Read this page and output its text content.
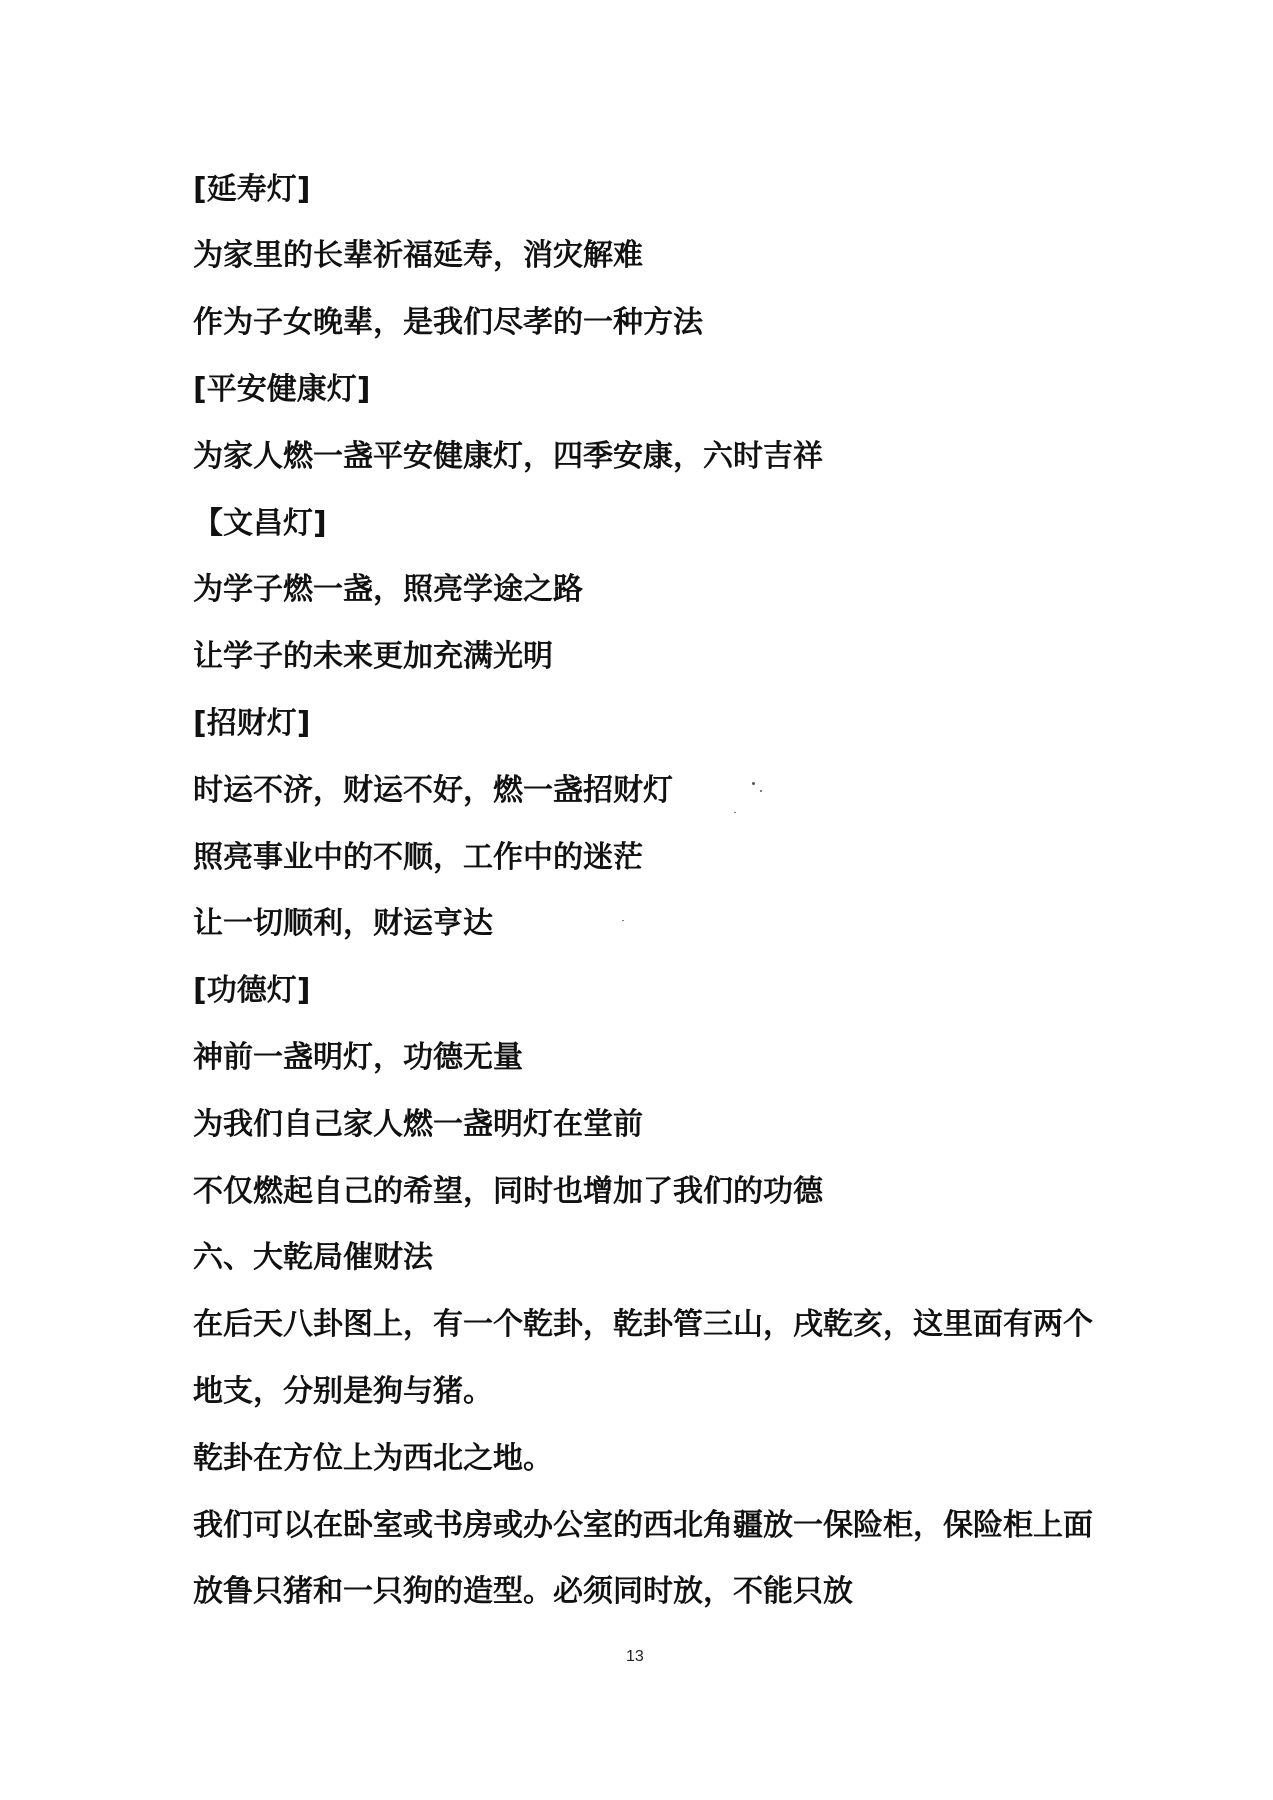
[延寿灯]

为家里的长辈祈福延寿，消灾解难

作为子女晚辈，是我们尽孝的一种方法

[平安健康灯]

为家人燃一盏平安健康灯，四季安康，六时吉祥

【文昌灯]

为学子燃一盏，照亮学途之路

让学子的未来更加充满光明

[招财灯]

时运不济，财运不好，燃一盏招财灯

照亮事业中的不顺，工作中的迷茫

让一切顺利，财运亨达

[功德灯]

神前一盏明灯，功德无量

为我们自己家人燃一盏明灯在堂前

不仅燃起自己的希望，同时也增加了我们的功德

六、大乾局催财法

在后天八卦图上，有一个乾卦，乾卦管三山，戌乾亥，这里面有两个

地支，分别是狗与猪。

乾卦在方位上为西北之地。

我们可以在卧室或书房或办公室的西北角疆放一保险柜，保险柜上面

放鲁只猪和一只狗的造型。必须同时放，不能只放

13
